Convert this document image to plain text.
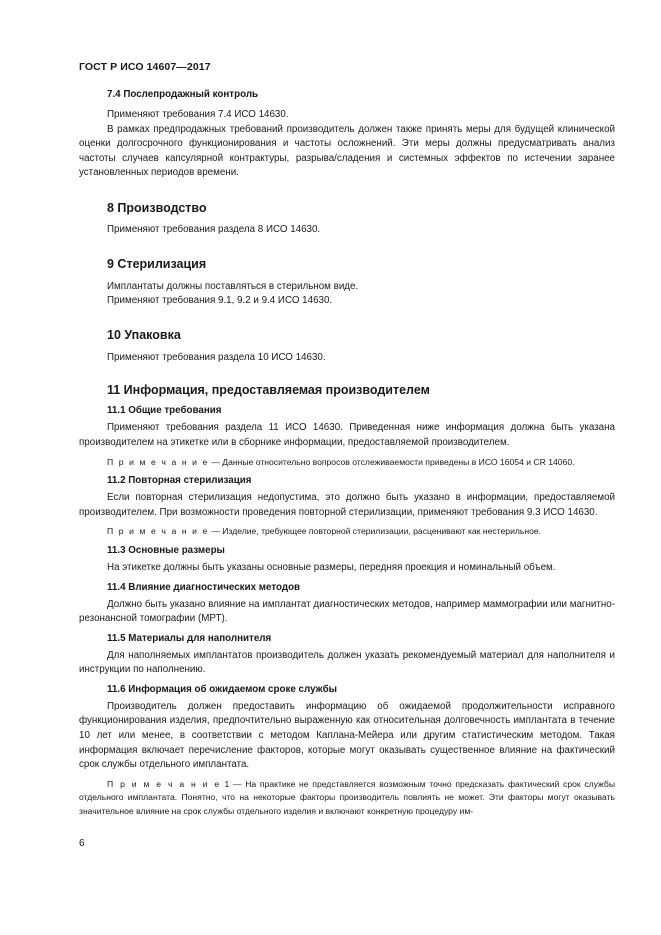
ГОСТ Р ИСО 14607—2017
7.4 Послепродажный контроль

Применяют требования 7.4 ИСО 14630.

В рамках предпродажных требований производитель должен также принять меры для будущей клинической оценки долгосрочного функционирования и частоты осложнений. Эти меры должны предусматривать анализ частоты случаев капсулярной контрактуры, разрыва/сладения и системных эффектов по истечении заранее установленных периодов времени.

8 Производство

Применяют требования раздела 8 ИСО 14630.

9 Стерилизация

Имплантаты должны поставляться в стерильном виде.

Применяют требования 9.1, 9.2 и 9.4 ИСО 14630.

10 Упаковка

Применяют требования раздела 10 ИСО 14630.

11 Информация, предоставляемая производителем
11.1 Общие требования

Применяют требования раздела 11 ИСО 14630. Приведенная ниже информация должна быть указана производителем на этикетке или в сборнике информации, предоставляемой производителем.

П р и м е ч а н и е — Данные относительно вопросов отслеживаемости приведены в ИСО 16054 и CR 14060.

11.2 Повторная стерилизация

Если повторная стерилизация недопустима, это должно быть указано в информации, предоставляемой производителем. При возможности проведения повторной стерилизации, применяют требования 9.3 ИСО 14630.

П р и м е ч а н и е — Изделие, требующее повторной стерилизации, расценивают как нестерильное.

11.3 Основные размеры

На этикетке должны быть указаны основные размеры, передняя проекция и номинальный объем.

11.4 Влияние диагностических методов

Должно быть указано влияние на имплантат диагностических методов, например маммографии или магнитно-резонансной томографии (МРТ).

11.5 Материалы для наполнителя

Для наполняемых имплантатов производитель должен указать рекомендуемый материал для наполнителя и инструкции по наполнению.

11.6 Информация об ожидаемом сроке службы

Производитель должен предоставить информацию об ожидаемой продолжительности исправного функционирования изделия, предпочтительно выраженную как относительная долговечность имплантата в течение 10 лет или менее, в соответствии с методом Каплана-Мейера или другим статистическим методом. Такая информация включает перечисление факторов, которые могут оказывать существенное влияние на фактический срок службы отдельного имплантата.

П р и м е ч а н и е 1 — На практике не представляется возможным точно предсказать фактический срок службы отдельного имплантата. Понятно, что на некоторые факторы производитель повлиять не может. Эти факторы могут оказывать значительное влияние на срок службы отдельного изделия и включают конкретную процедуру им-

6
